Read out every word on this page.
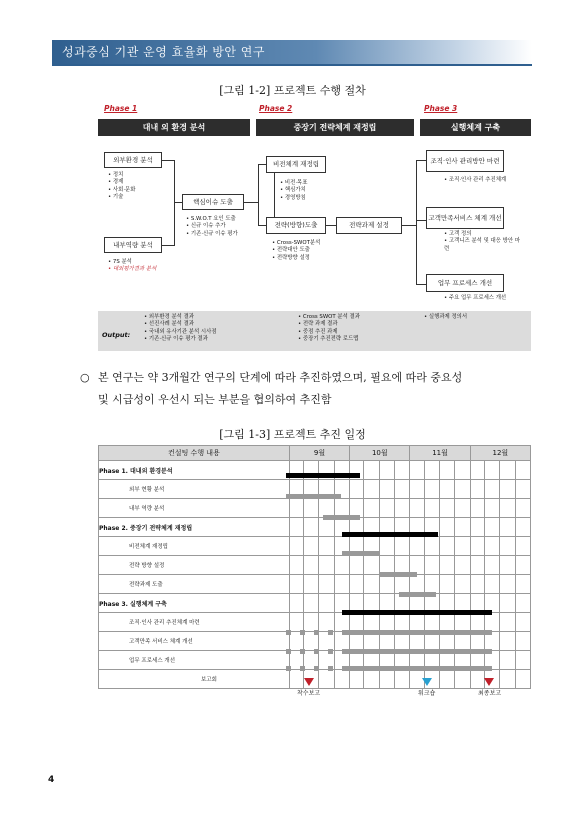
성과중심 기관 운영 효율화 방안 연구
[그림 1-2] 프로젝트 수행 절차
Phase 1	Phase 2	Phase 3
대내 외 환경 분석	중장기 전략체계 재정립	실행체계 구축
외부환경 분석
• 정치
• 경제
• 사회·문화
• 기술
내부역량 분석
• 7S 분석
• 대외평가결과 분석
핵심이슈 도출
• S.W.O.T 요인 도출
• 신규 이슈 추가
• 기존·신규 이슈 평가
비전체계 재정립
• 비전·목표
• 핵심가치
• 경영방침
전략(방향)도출
• Cross-SWOT분석
• 전략대안 도출
• 전략방향 설정
전략과제 설정
조직·인사 관리방안 마련
• 조직·인사 관리 추진체계
고객만족서비스 체계 개선
• 고객 정의
• 고객니즈 분석 및 대응 방안 마련
업무 프로세스 개선
• 주요 업무 프로세스 개선
Output:
• 외부환경 분석 결과
• 선진사례 분석 결과
• 국내외 유사기관 분석 시사점
• 기존·신규 이슈 평가 결과
• Cross SWOT 분석 결과
• 전략 과제 결과
• 중점 추진 과제
• 중장기 추진전략 로드맵
• 실행과제 정의서
○ 본 연구는 약 3개월간 연구의 단계에 따라 추진하였으며, 필요에 따라 중요성
및 시급성이 우선시 되는 부분을 협의하여 추진함
[그림 1-3] 프로젝트 추진 일정
컨설팅 수행 내용	9월				10월				11월				12월			
Phase 1. 대내외 환경분석																
외부 현황 분석																
내부 역량 분석																
Phase 2. 중장기 전략체계 재정립																
비전체계 재정립																
전략 방향 설정																
전략과제 도출																
Phase 3. 실행체계 구축																
조직·인사 관리 추진체계 마련																
고객만족 서비스 체계 개선																
업무 프로세스 개선																
보고회																
착수보고	워크숍	최종보고
4
